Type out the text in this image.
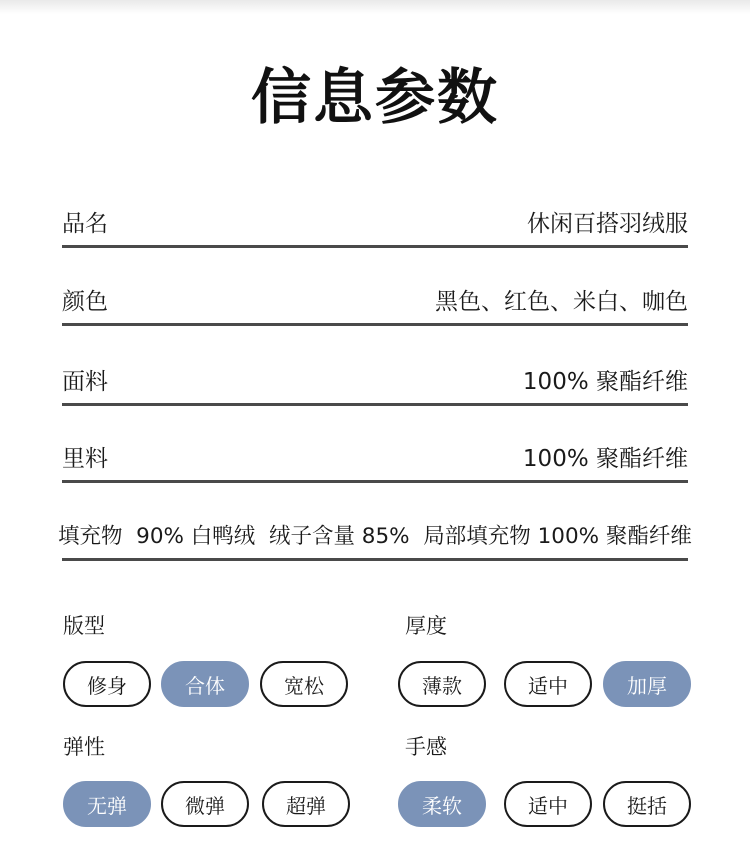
信息参数
品名	休闲百搭羽绒服
颜色	黑色、红色、米白、咖色
面料	100% 聚酯纤维
里料	100% 聚酯纤维
填充物  90% 白鸭绒  绒子含量 85%  局部填充物 100% 聚酯纤维
版型
修身	合体	宽松
厚度
薄款	适中	加厚
弹性
无弹	微弹	超弹
手感
柔软	适中	挺括
